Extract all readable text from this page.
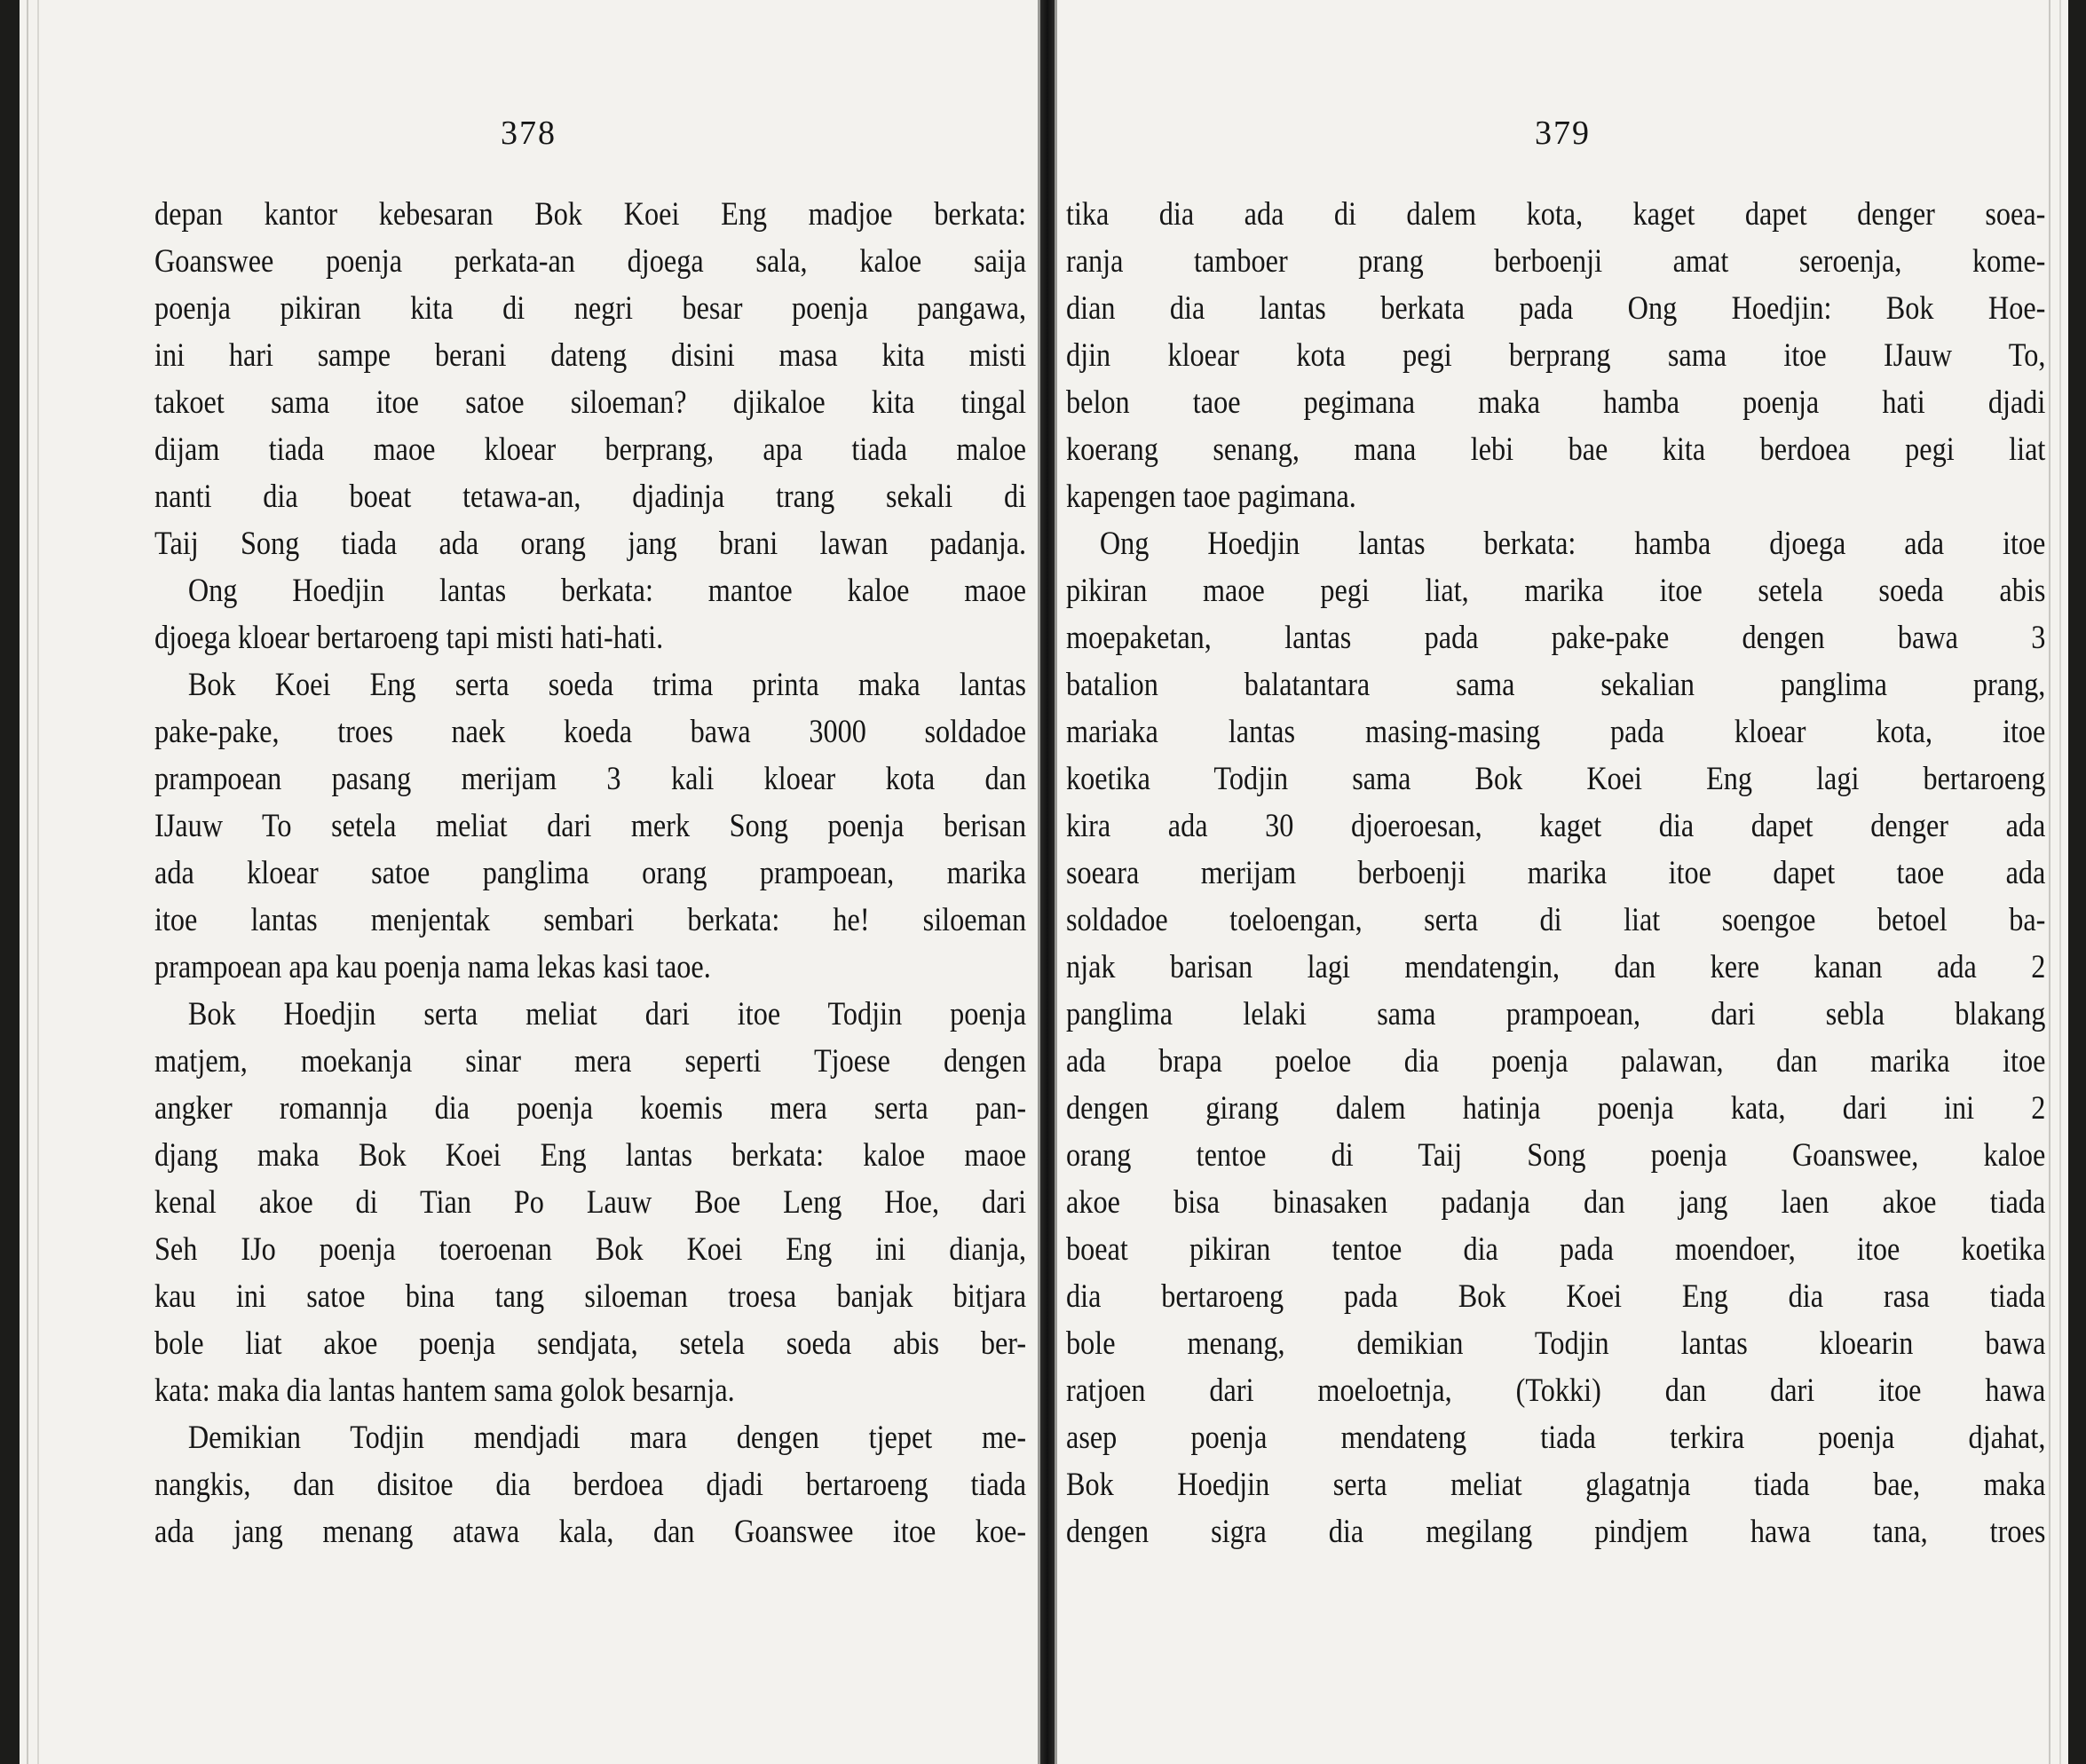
378
depan kantor kebesaran Bok Koei Eng madjoe berkata:
Goanswee poenja perkata-an djoega sala, kaloe saija
poenja pikiran kita di negri besar poenja pangawa,
ini hari sampe berani dateng disini masa kita misti
takoet sama itoe satoe siloeman? djikaloe kita tingal
dijam tiada maoe kloear berprang, apa tiada maloe
nanti dia boeat tetawa-an, djadinja trang sekali di
Taij Song tiada ada orang jang brani lawan padanja.
Ong Hoedjin lantas berkata: mantoe kaloe maoe
djoega kloear bertaroeng tapi misti hati-hati.
Bok Koei Eng serta soeda trima printa maka lantas
pake-pake, troes naek koeda bawa 3000 soldadoe
prampoean pasang merijam 3 kali kloear kota dan
IJauw To setela meliat dari merk Song poenja berisan
ada kloear satoe panglima orang prampoean, marika
itoe lantas menjentak sembari berkata: he! siloeman
prampoean apa kau poenja nama lekas kasi taoe.
Bok Hoedjin serta meliat dari itoe Todjin poenja
matjem, moekanja sinar mera seperti Tjoese dengen
angker romannja dia poenja koemis mera serta pan-
djang maka Bok Koei Eng lantas berkata: kaloe maoe
kenal akoe di Tian Po Lauw Boe Leng Hoe, dari
Seh IJo poenja toeroenan Bok Koei Eng ini dianja,
kau ini satoe bina tang siloeman troesa banjak bitjara
bole liat akoe poenja sendjata, setela soeda abis ber-
kata: maka dia lantas hantem sama golok besarnja.
Demikian Todjin mendjadi mara dengen tjepet me-
nangkis, dan disitoe dia berdoea djadi bertaroeng tiada
ada jang menang atawa kala, dan Goanswee itoe koe-
379
tika dia ada di dalem kota, kaget dapet denger soea-
ranja tamboer prang berboenji amat seroenja, kome-
dian dia lantas berkata pada Ong Hoedjin: Bok Hoe-
djin kloear kota pegi berprang sama itoe IJauw To,
belon taoe pegimana maka hamba poenja hati djadi
koerang senang, mana lebi bae kita berdoea pegi liat
kapengen taoe pagimana.
Ong Hoedjin lantas berkata: hamba djoega ada itoe
pikiran maoe pegi liat, marika itoe setela soeda abis
moepaketan, lantas pada pake-pake dengen bawa 3
batalion balatantara sama sekalian panglima prang,
mariaka lantas masing-masing pada kloear kota, itoe
koetika Todjin sama Bok Koei Eng lagi bertaroeng
kira ada 30 djoeroesan, kaget dia dapet denger ada
soeara merijam berboenji marika itoe dapet taoe ada
soldadoe toeloengan, serta di liat soengoe betoel ba-
njak barisan lagi mendatengin, dan kere kanan ada 2
panglima lelaki sama prampoean, dari sebla blakang
ada brapa poeloe dia poenja palawan, dan marika itoe
dengen girang dalem hatinja poenja kata, dari ini 2
orang tentoe di Taij Song poenja Goanswee, kaloe
akoe bisa binasaken padanja dan jang laen akoe tiada
boeat pikiran tentoe dia pada moendoer, itoe koetika
dia bertaroeng pada Bok Koei Eng dia rasa tiada
bole menang, demikian Todjin lantas kloearin bawa
ratjoen dari moeloetnja, (Tokki) dan dari itoe hawa
asep poenja mendateng tiada terkira poenja djahat,
Bok Hoedjin serta meliat glagatnja tiada bae, maka
dengen sigra dia megilang pindjem hawa tana, troes
